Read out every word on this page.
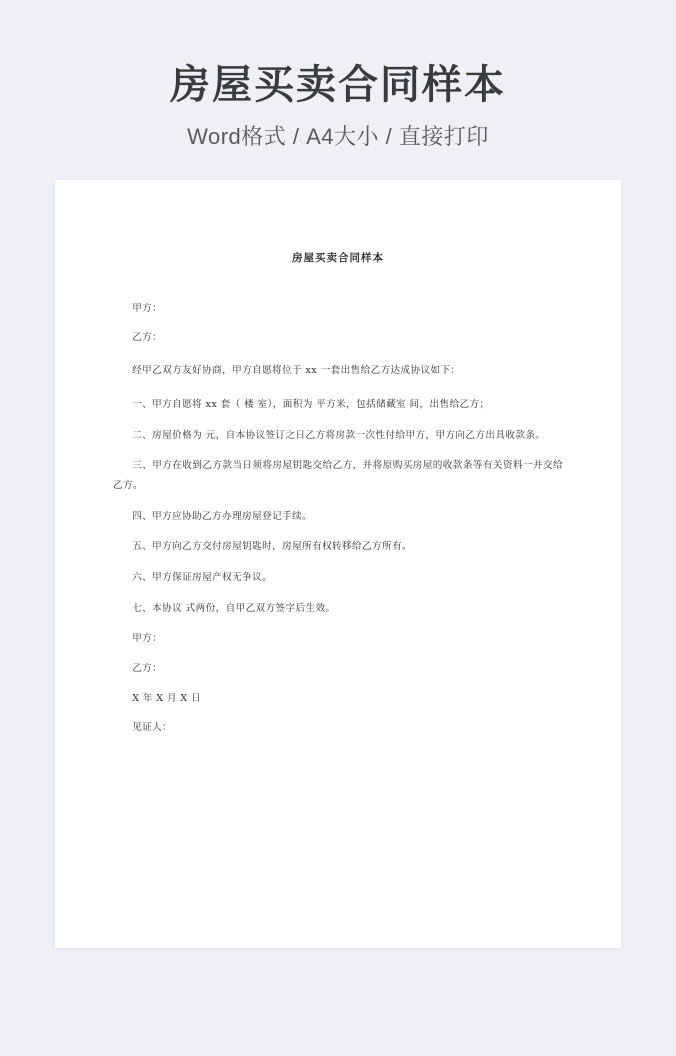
房屋买卖合同样本
Word格式 / A4大小 / 直接打印
房屋买卖合同样本

甲方：

乙方：

经甲乙双方友好协商，甲方自愿将位于 xx 一套出售给乙方达成协议如下：

一、甲方自愿将 xx 套（ 楼 室），面积为 平方米，包括储藏室 间，出售给乙方；

二、房屋价格为 元，自本协议签订之日乙方将房款一次性付给甲方，甲方向乙方出具收款条。

三、甲方在收到乙方款当日须将房屋钥匙交给乙方，并将原购买房屋的收款条等有关资料一并交给乙方。

四、甲方应协助乙方办理房屋登记手续。

五、甲方向乙方交付房屋钥匙时，房屋所有权转移给乙方所有。

六、甲方保证房屋产权无争议。

七、本协议 式两份，自甲乙双方签字后生效。

甲方：

乙方：

X 年 X 月 X 日

见证人：
